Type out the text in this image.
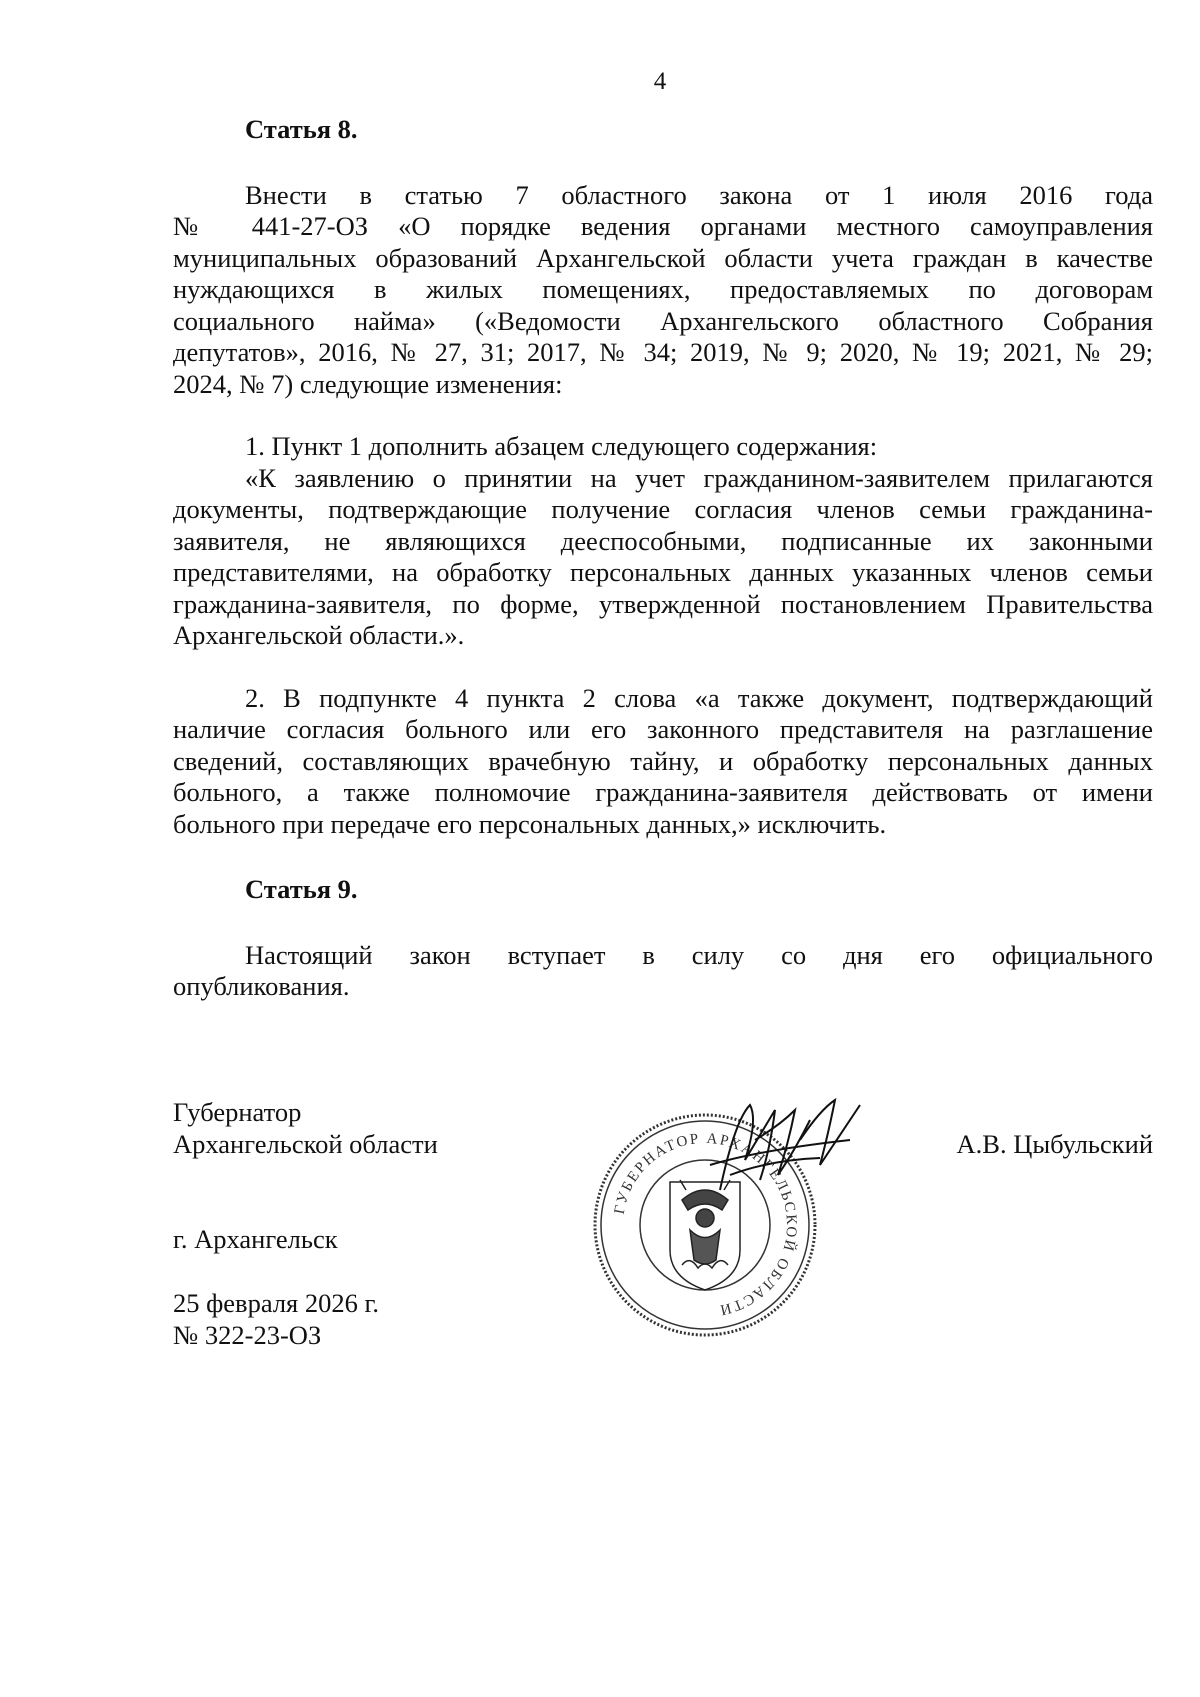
4

Статья 8.

Внести в статью 7 областного закона от 1 июля 2016 года
№ 441-27-ОЗ «О порядке ведения органами местного самоуправления
муниципальных образований Архангельской области учета граждан в качестве
нуждающихся в жилых помещениях, предоставляемых по договорам
социального найма» («Ведомости Архангельского областного Собрания
депутатов», 2016, № 27, 31; 2017, № 34; 2019, № 9; 2020, № 19; 2021, № 29;
2024, № 7) следующие изменения:
1. Пункт 1 дополнить абзацем следующего содержания:
«К заявлению о принятии на учет гражданином-заявителем прилагаются
документы, подтверждающие получение согласия членов семьи гражданина-
заявителя, не являющихся дееспособными, подписанные их законными
представителями, на обработку персональных данных указанных членов семьи
гражданина-заявителя, по форме, утвержденной постановлением Правительства
Архангельской области.».
2. В подпункте 4 пункта 2 слова «а также документ, подтверждающий
наличие согласия больного или его законного представителя на разглашение
сведений, составляющих врачебную тайну, и обработку персональных данных
больного, а также полномочие гражданина-заявителя действовать от имени
больного при передаче его персональных данных,» исключить.

Статья 9.

Настоящий закон вступает в силу со дня его официального
опубликования.
Губернатор
Архангельской области	А.В. Цыбульский
г. Архангельск
25 февраля 2026 г.
№ 322-23-ОЗ
ГУБЕРНАТОР АРХАНГЕЛЬСКОЙ ОБЛАСТИ
